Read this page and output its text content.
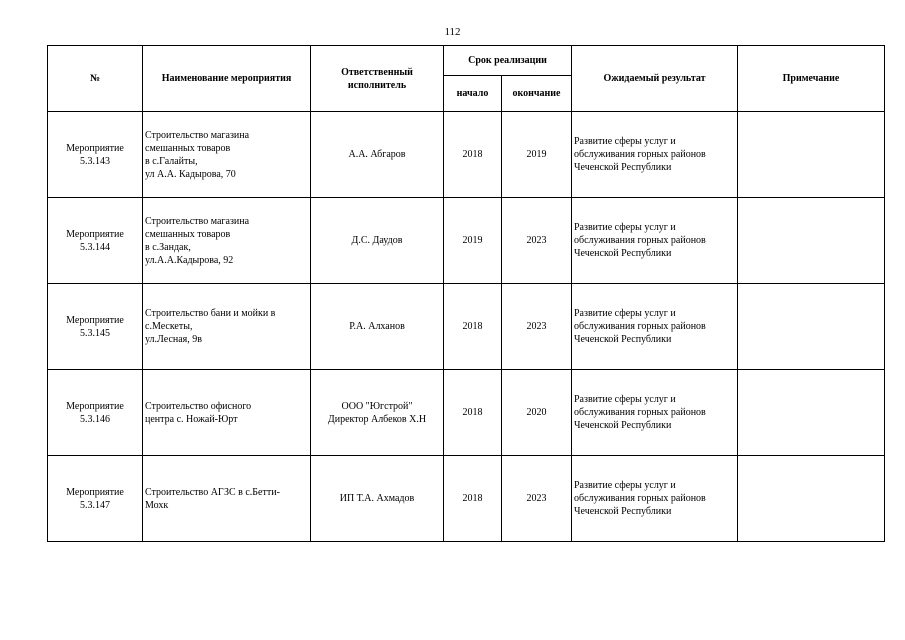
112
№	Наименование мероприятия	Ответственный
исполнитель	Срок реализации		Ожидаемый результат	Примечание
			начало	окончание		
Мероприятие
5.3.143	Строительство магазина
смешанных товаров
в с.Галайты,
ул А.А. Кадырова, 70	А.А. Абгаров	2018	2019	Развитие сферы услуг и
обслуживания горных районов
Чеченской Республики	
Мероприятие
5.3.144	Строительство магазина
смешанных товаров
в с.Зандак,
ул.А.А.Кадырова, 92	Д.С. Даудов	2019	2023	Развитие сферы услуг и
обслуживания горных районов
Чеченской Республики	
Мероприятие
5.3.145	Строительство бани и мойки в
с.Мескеты,
ул.Лесная, 9в	Р.А. Алханов	2018	2023	Развитие сферы услуг и
обслуживания горных районов
Чеченской Республики	
Мероприятие
5.3.146	Строительство офисного
центра с. Ножай-Юрт	ООО "Югстрой"
Директор Албеков Х.Н	2018	2020	Развитие сферы услуг и
обслуживания горных районов
Чеченской Республики	
Мероприятие
5.3.147	Строительство АГЗС в с.Бетти-
Мохк	ИП Т.А. Ахмадов	2018	2023	Развитие сферы услуг и
обслуживания горных районов
Чеченской Республики	
